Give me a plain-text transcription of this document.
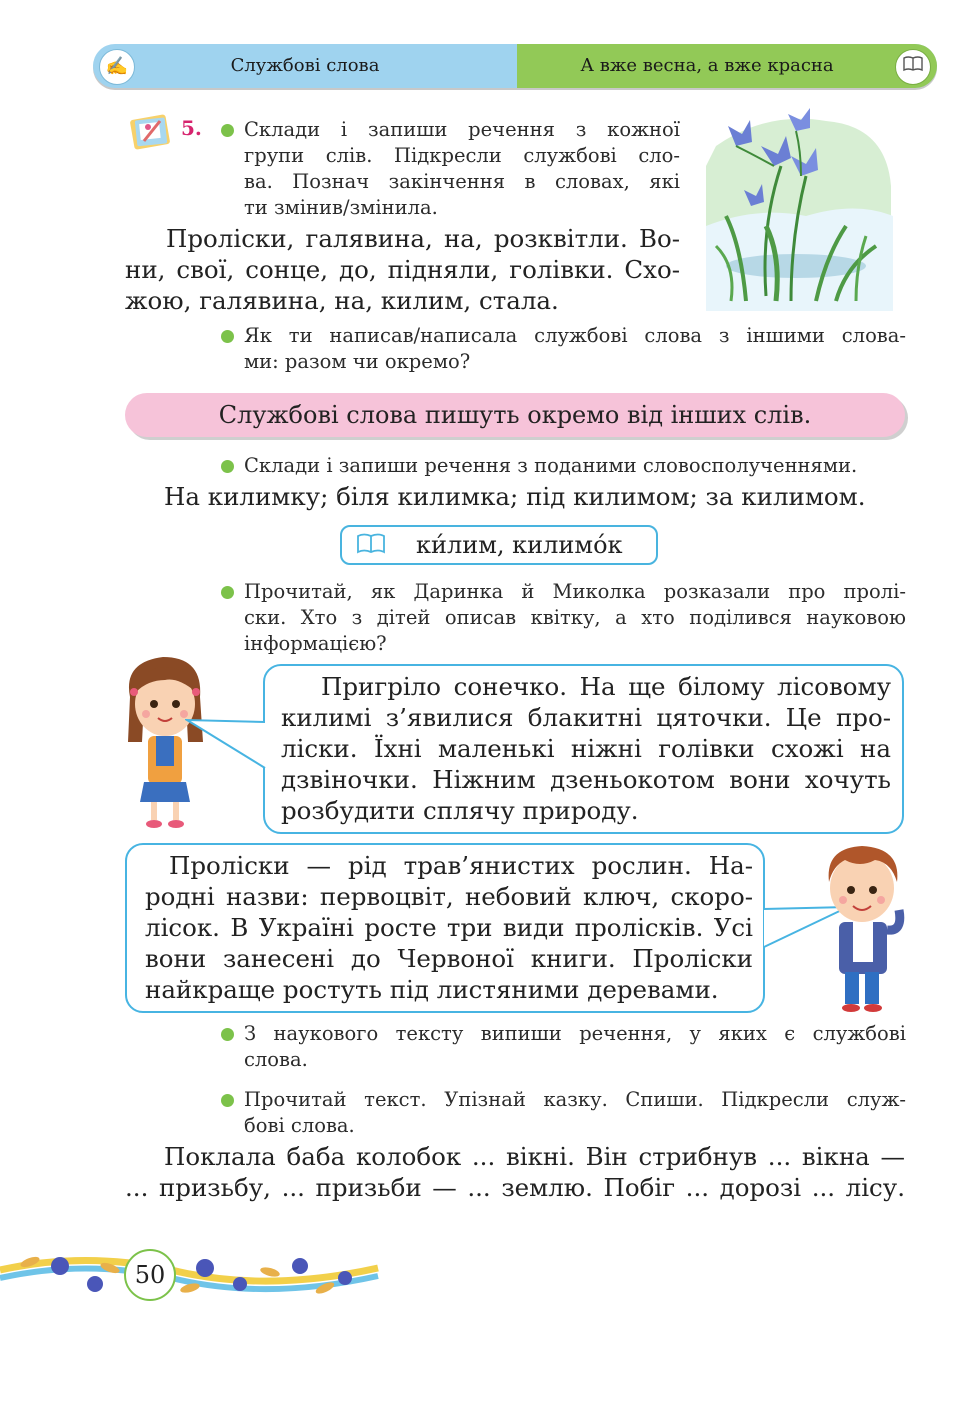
✍	Службові слова	А вже весна, а вже красна
5. Склади і запиши речення з кожної
групи слів. Підкресли службові сло-
ва. Познач закінчення в словах, які
ти змінив/змінила.
Проліски, галявина, на, розквітли. Во-
ни, свої, сонце, до, підняли, голівки. Схо-
жою, галявина, на, килим, стала.
Як ти написав/написала службові слова з іншими слова-
ми: разом чи окремо?
Службові слова пишуть окремо від інших слів.
Склади і запиши речення з поданими словосполученнями.
На килимку; біля килимка; під килимом; за килимом.
ки́лим, килимо́к
Прочитай, як Даринка й Миколка розказали про пролі-
ски. Хто з дітей описав квітку, а хто поділився науковою
інформацією?
Пригріло сонечко. На ще білому лісовому
килимі з’явилися блакитні цяточки. Це про-
ліски. Їхні маленькі ніжні голівки схожі на
дзвіночки. Ніжним дзеньокотом вони хочуть
розбудити сплячу природу.
Проліски — рід трав’янистих рослин. На-
родні назви: первоцвіт, небовий ключ, скоро-
лісок. В Україні росте три види пролісків. Усі
вони занесені до Червоної книги. Проліски
найкраще ростуть під листяними деревами.
З наукового тексту випиши речення, у яких є службові
слова.
Прочитай текст. Упізнай казку. Спиши. Підкресли служ-
бові слова.
Поклала баба колобок ... вікні. Він стрибнув ... вікна —
... призьбу, ... призьби — ... землю. Побіг ... дорозі ... лісу.
50
